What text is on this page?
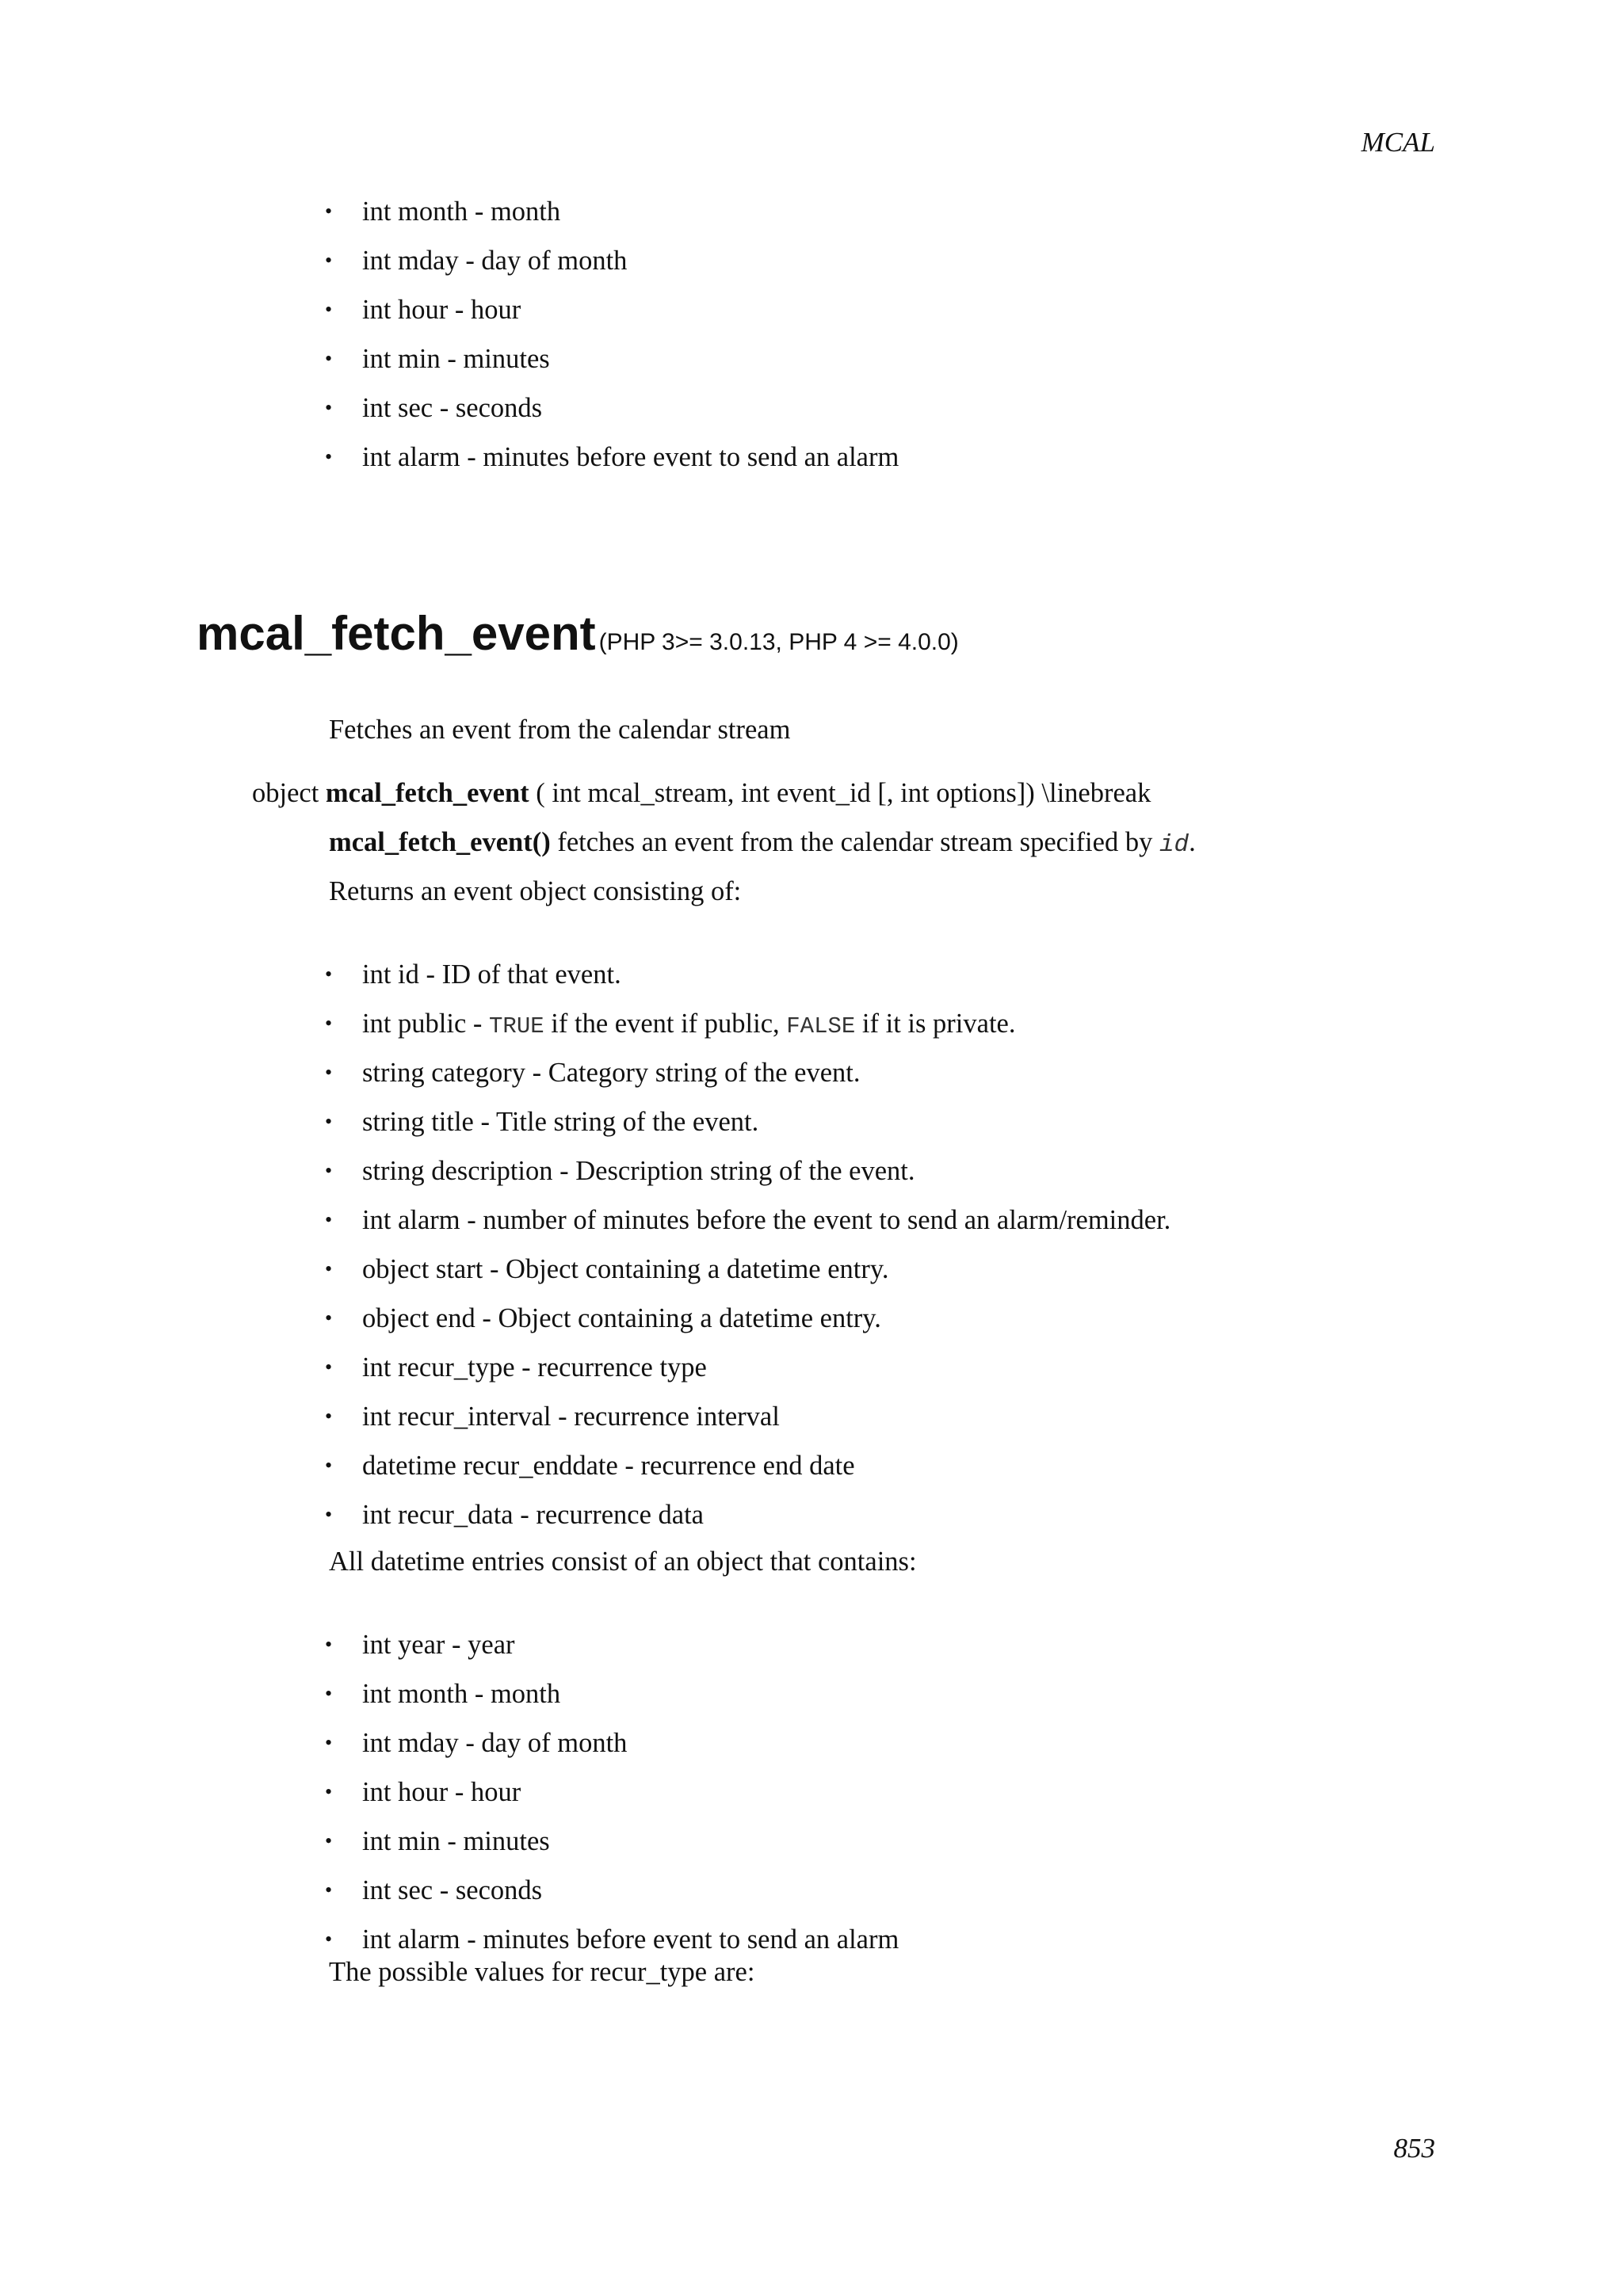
MCAL
• int month - month
• int mday - day of month
• int hour - hour
• int min - minutes
• int sec - seconds
• int alarm - minutes before event to send an alarm
mcal_fetch_event (PHP 3>= 3.0.13, PHP 4 >= 4.0.0)
Fetches an event from the calendar stream
object mcal_fetch_event ( int mcal_stream, int event_id [, int options]) \linebreak
mcal_fetch_event() fetches an event from the calendar stream specified by id.
Returns an event object consisting of:
• int id - ID of that event.
• int public - TRUE if the event if public, FALSE if it is private.
• string category - Category string of the event.
• string title - Title string of the event.
• string description - Description string of the event.
• int alarm - number of minutes before the event to send an alarm/reminder.
• object start - Object containing a datetime entry.
• object end - Object containing a datetime entry.
• int recur_type - recurrence type
• int recur_interval - recurrence interval
• datetime recur_enddate - recurrence end date
• int recur_data - recurrence data
All datetime entries consist of an object that contains:
• int year - year
• int month - month
• int mday - day of month
• int hour - hour
• int min - minutes
• int sec - seconds
• int alarm - minutes before event to send an alarm
The possible values for recur_type are:
853
